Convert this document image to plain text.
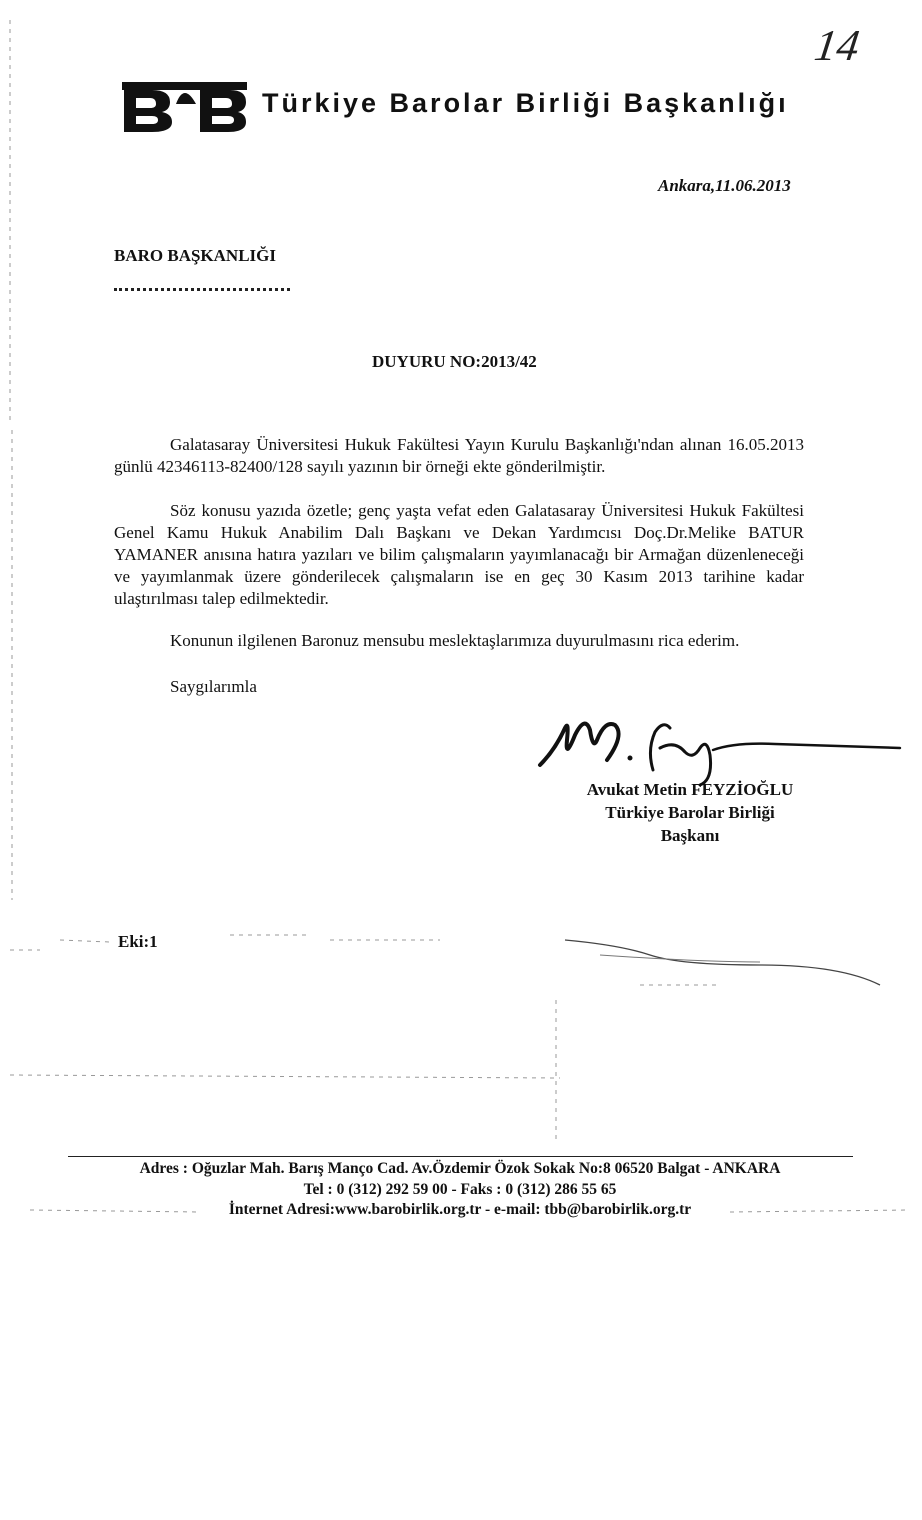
14
Türkiye Barolar Birliği Başkanlığı
Ankara,11.06.2013
BARO BAŞKANLIĞI
DUYURU NO:2013/42
Galatasaray Üniversitesi Hukuk Fakültesi Yayın Kurulu Başkanlığı'ndan alınan 16.05.2013 günlü 42346113-82400/128 sayılı yazının bir örneği ekte gönderilmiştir.
Söz konusu yazıda özetle; genç yaşta vefat eden Galatasaray Üniversitesi Hukuk Fakültesi Genel Kamu Hukuk Anabilim Dalı Başkanı ve Dekan Yardımcısı Doç.Dr.Melike BATUR YAMANER anısına hatıra yazıları ve bilim çalışmaların yayımlanacağı bir Armağan düzenleneceği ve yayımlanmak üzere gönderilecek çalışmaların ise en geç 30 Kasım 2013 tarihine kadar ulaştırılması talep edilmektedir.
Konunun ilgilenen Baronuz mensubu meslektaşlarımıza duyurulmasını rica ederim.
Saygılarımla
Avukat Metin FEYZİOĞLU
Türkiye Barolar Birliği
Başkanı
Eki:1
Adres : Oğuzlar Mah. Barış Manço Cad. Av.Özdemir Özok Sokak No:8 06520 Balgat - ANKARA
Tel : 0 (312) 292 59 00 - Faks : 0 (312) 286 55 65
İnternet Adresi:www.barobirlik.org.tr - e-mail: tbb@barobirlik.org.tr
